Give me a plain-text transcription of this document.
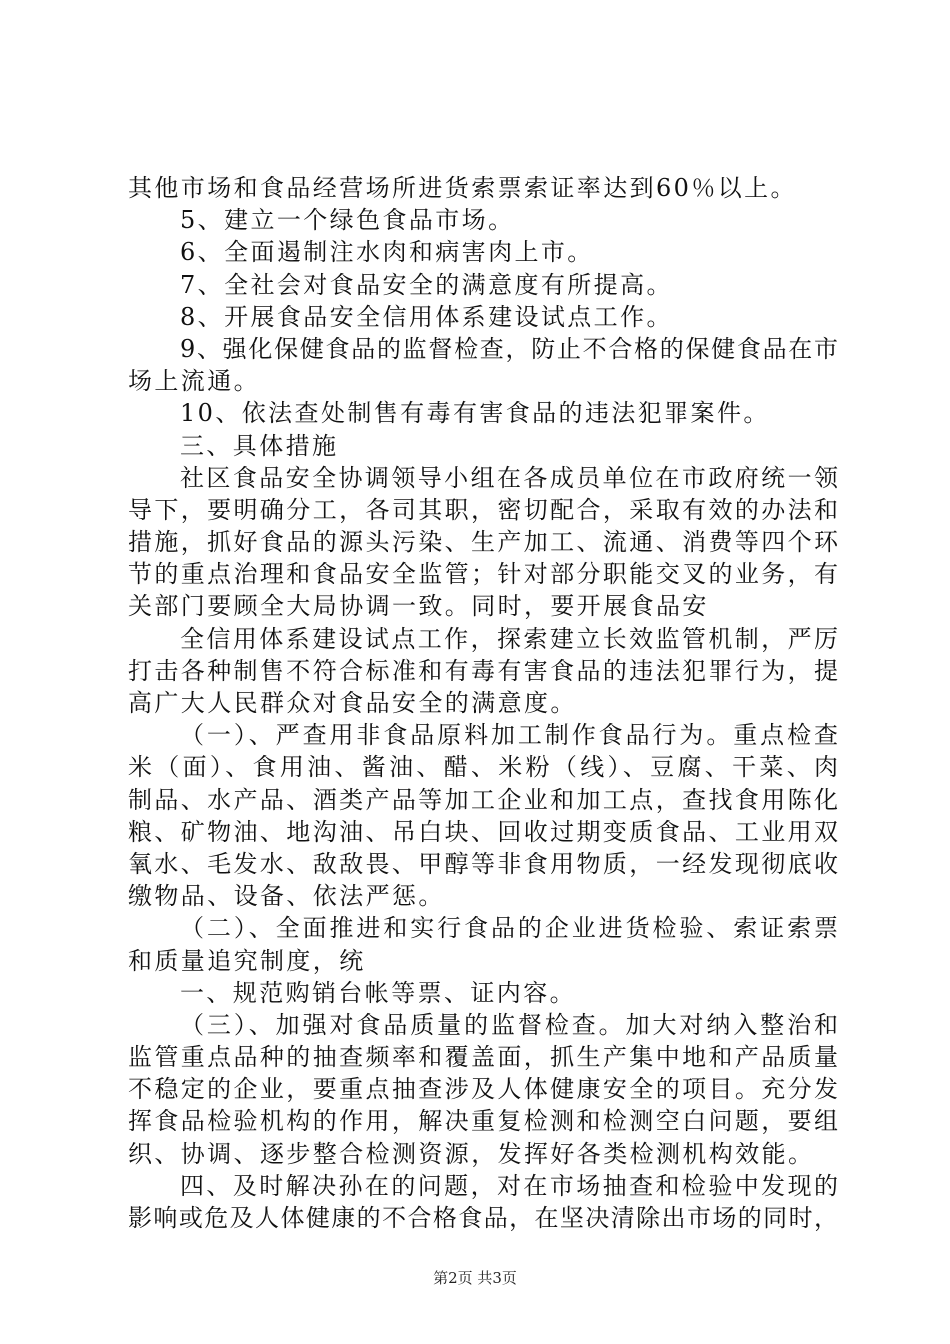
其他市场和食品经营场所进货索票索证率达到60％以上。
5、建立一个绿色食品市场。
6、全面遏制注水肉和病害肉上市。
7、全社会对食品安全的满意度有所提高。
8、开展食品安全信用体系建设试点工作。
9、强化保健食品的监督检查，防止不合格的保健食品在市
场上流通。
10、依法查处制售有毒有害食品的违法犯罪案件。
三、具体措施
社区食品安全协调领导小组在各成员单位在市政府统一领
导下，要明确分工，各司其职，密切配合，采取有效的办法和
措施，抓好食品的源头污染、生产加工、流通、消费等四个环
节的重点治理和食品安全监管；针对部分职能交叉的业务，有
关部门要顾全大局协调一致。同时，要开展食品安
全信用体系建设试点工作，探索建立长效监管机制，严厉
打击各种制售不符合标准和有毒有害食品的违法犯罪行为，提
高广大人民群众对食品安全的满意度。
（一）、严查用非食品原料加工制作食品行为。重点检查
米（面）、食用油、酱油、醋、米粉（线）、豆腐、干菜、肉
制品、水产品、酒类产品等加工企业和加工点，查找食用陈化
粮、矿物油、地沟油、吊白块、回收过期变质食品、工业用双
氧水、毛发水、敌敌畏、甲醇等非食用物质，一经发现彻底收
缴物品、设备、依法严惩。
（二）、全面推进和实行食品的企业进货检验、索证索票
和质量追究制度，统
一、规范购销台帐等票、证内容。
（三）、加强对食品质量的监督检查。加大对纳入整治和
监管重点品种的抽查频率和覆盖面，抓生产集中地和产品质量
不稳定的企业，要重点抽查涉及人体健康安全的项目。充分发
挥食品检验机构的作用，解决重复检测和检测空白问题，要组
织、协调、逐步整合检测资源，发挥好各类检测机构效能。
四、及时解决孙在的问题，对在市场抽查和检验中发现的
影响或危及人体健康的不合格食品，在坚决清除出市场的同时，
第2页 共3页
